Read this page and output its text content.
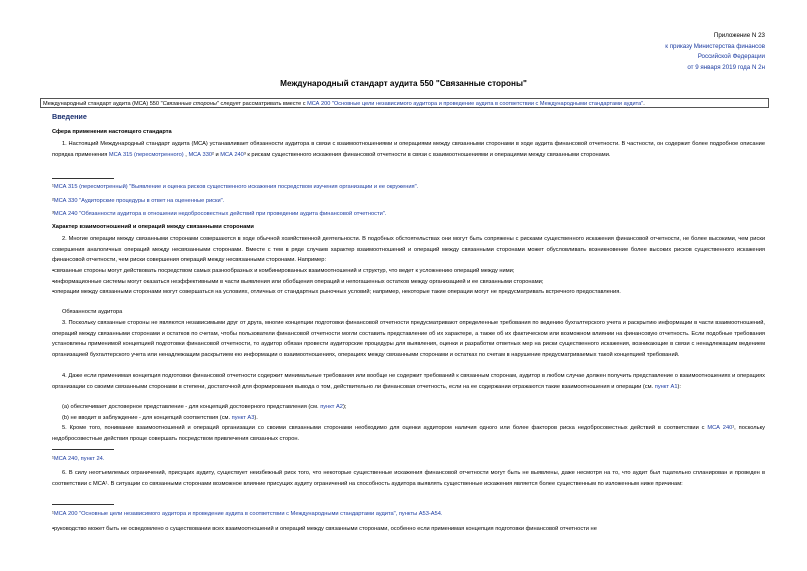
Приложение N 23
к приказу Министерства финансов
Российской Федерации
от 9 января 2019 года N 2н
Международный стандарт аудита 550 "Связанные стороны"
Международный стандарт аудита (МСА) 550 "Связанные стороны" следует рассматривать вместе с МСА 200 "Основные цели независимого аудитора и проведение аудита в соответствии с Международными стандартами аудита".
Введение
Сфера применения настоящего стандарта
1. Настоящий Международный стандарт аудита (МСА) устанавливает обязанности аудитора в связи с взаимоотношениями и операциями между связанными сторонами в ходе аудита финансовой отчетности. В частности, он содержит более подробное описание порядка применения МСА 315 (пересмотренного) , МСА 330² и МСА 240³ к рискам существенного искажения финансовой отчетности в связи с взаимоотношениями и операциями между связанными сторонами.
¹МСА 315 (пересмотренный) "Выявление и оценка рисков существенного искажения посредством изучения организации и ее окружения".
²МСА 330 "Аудиторские процедуры в ответ на оцененные риски".
³МСА 240 "Обязанности аудитора в отношении недобросовестных действий при проведении аудита финансовой отчетности".
Характер взаимоотношений и операций между связанными сторонами
2. Многие операции между связанными сторонами совершаются в ходе обычной хозяйственной деятельности. В подобных обстоятельствах они могут быть сопряжены с рисками существенного искажения финансовой отчетности, не более высокими, чем риски совершения аналогичных операций между несвязанными сторонами. Вместе с тем в ряде случаев характер взаимоотношений и операций между связанными сторонами может обусловливать возникновение более высоких рисков существенного искажения финансовой отчетности, чем риски совершения операций между несвязанными сторонами. Например:
▪связанные стороны могут действовать посредством самых разнообразных и комбинированных взаимоотношений и структур, что ведет к усложнению операций между ними;
▪информационные системы могут оказаться неэффективными в части выявления или обобщения операций и непогашенных остатков между организацией и ее связанными сторонами;
▪операции между связанными сторонами могут совершаться на условиях, отличных от стандартных рыночных условий; например, некоторые такие операции могут не предусматривать встречного предоставления.
Обязанности аудитора
3. Поскольку связанные стороны не являются независимыми друг от друга, многие концепции подготовки финансовой отчетности предусматривают определенные требования по ведению бухгалтерского учета и раскрытию информации в части взаимоотношений, операций между связанными сторонами и остатков по счетам, чтобы пользователи финансовой отчетности могли составить представление об их характере, а также об их фактическом или возможном влиянии на финансовую отчетность. Если подобные требования установлены применимой концепцией подготовки финансовой отчетности, то аудитор обязан провести аудиторские процедуры для выявления, оценки и разработки ответных мер на риски существенного искажения, возникающие в связи с ненадлежащим ведением организацией бухгалтерского учета или ненадлежащим раскрытием ею информации о взаимоотношениях, операциях между связанными сторонами и остатках по счетам в нарушение предусматриваемых такой концепцией требований.
4. Даже если применимая концепция подготовки финансовой отчетности содержит минимальные требования или вообще не содержит требований к связанным сторонам, аудитор в любом случае должен получить представление о взаимоотношениях и операциях организации со своими связанными сторонами в степени, достаточной для формирования вывода о том, действительно ли финансовая отчетность, если на ее содержании отражаются такие взаимоотношения и операции (см. пункт А1):
(а) обеспечивает достоверное представление - для концепций достоверного представления (см. пункт А2);
(b) не вводит в заблуждение - для концепций соответствия (см. пункт А3).
5. Кроме того, понимание взаимоотношений и операций организации со своими связанными сторонами необходимо для оценки аудитором наличия одного или более факторов риска недобросовестных действий в соответствии с МСА 240¹, поскольку недобросовестные действия проще совершать посредством привлечения связанных сторон.
¹МСА 240, пункт 24.
6. В силу неотъемлемых ограничений, присущих аудиту, существует неизбежный риск того, что некоторые существенные искажения финансовой отчетности могут быть не выявлены, даже несмотря на то, что аудит был тщательно спланирован и проведен в соответствии с МСА¹. В ситуации со связанными сторонами возможное влияние присущих аудиту ограничений на способность аудитора выявлять существенные искажения является более существенным по изложенным ниже причинам:
¹МСА 200 "Основные цели независимого аудитора и проведение аудита в соответствии с Международными стандартами аудита", пункты А53-А54.
▪руководство может быть не осведомлено о существовании всех взаимоотношений и операций между связанными сторонами, особенно если применимая концепция подготовки финансовой отчетности не
